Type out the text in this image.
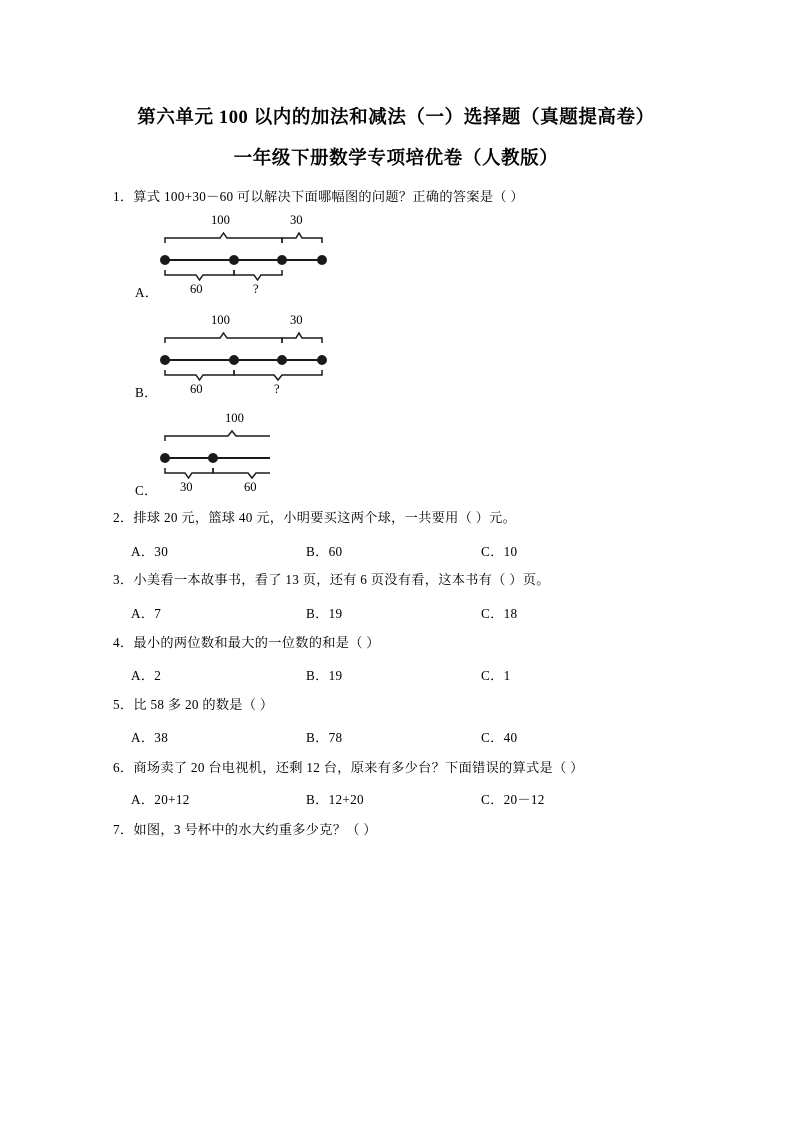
第六单元 100 以内的加法和减法（一）选择题（真题提高卷）
一年级下册数学专项培优卷（人教版）
1．算式 100+30－60 可以解决下面哪幅图的问题？正确的答案是（ ）
100	30
60	?
A．
100	30
60	?
B．
100
30	60
C．
2．排球 20 元，篮球 40 元，小明要买这两个球，一共要用（ ）元。
A．30	B．60	C．10
3．小美看一本故事书，看了 13 页，还有 6 页没有看，这本书有（ ）页。
A．7	B．19	C．18
4．最小的两位数和最大的一位数的和是（ ）
A．2	B．19	C．1
5．比 58 多 20 的数是（ ）
A．38	B．78	C．40
6．商场卖了 20 台电视机，还剩 12 台，原来有多少台？下面错误的算式是（ ）
A．20+12	B．12+20	C．20－12
7．如图，3 号杯中的水大约重多少克？（ ）
